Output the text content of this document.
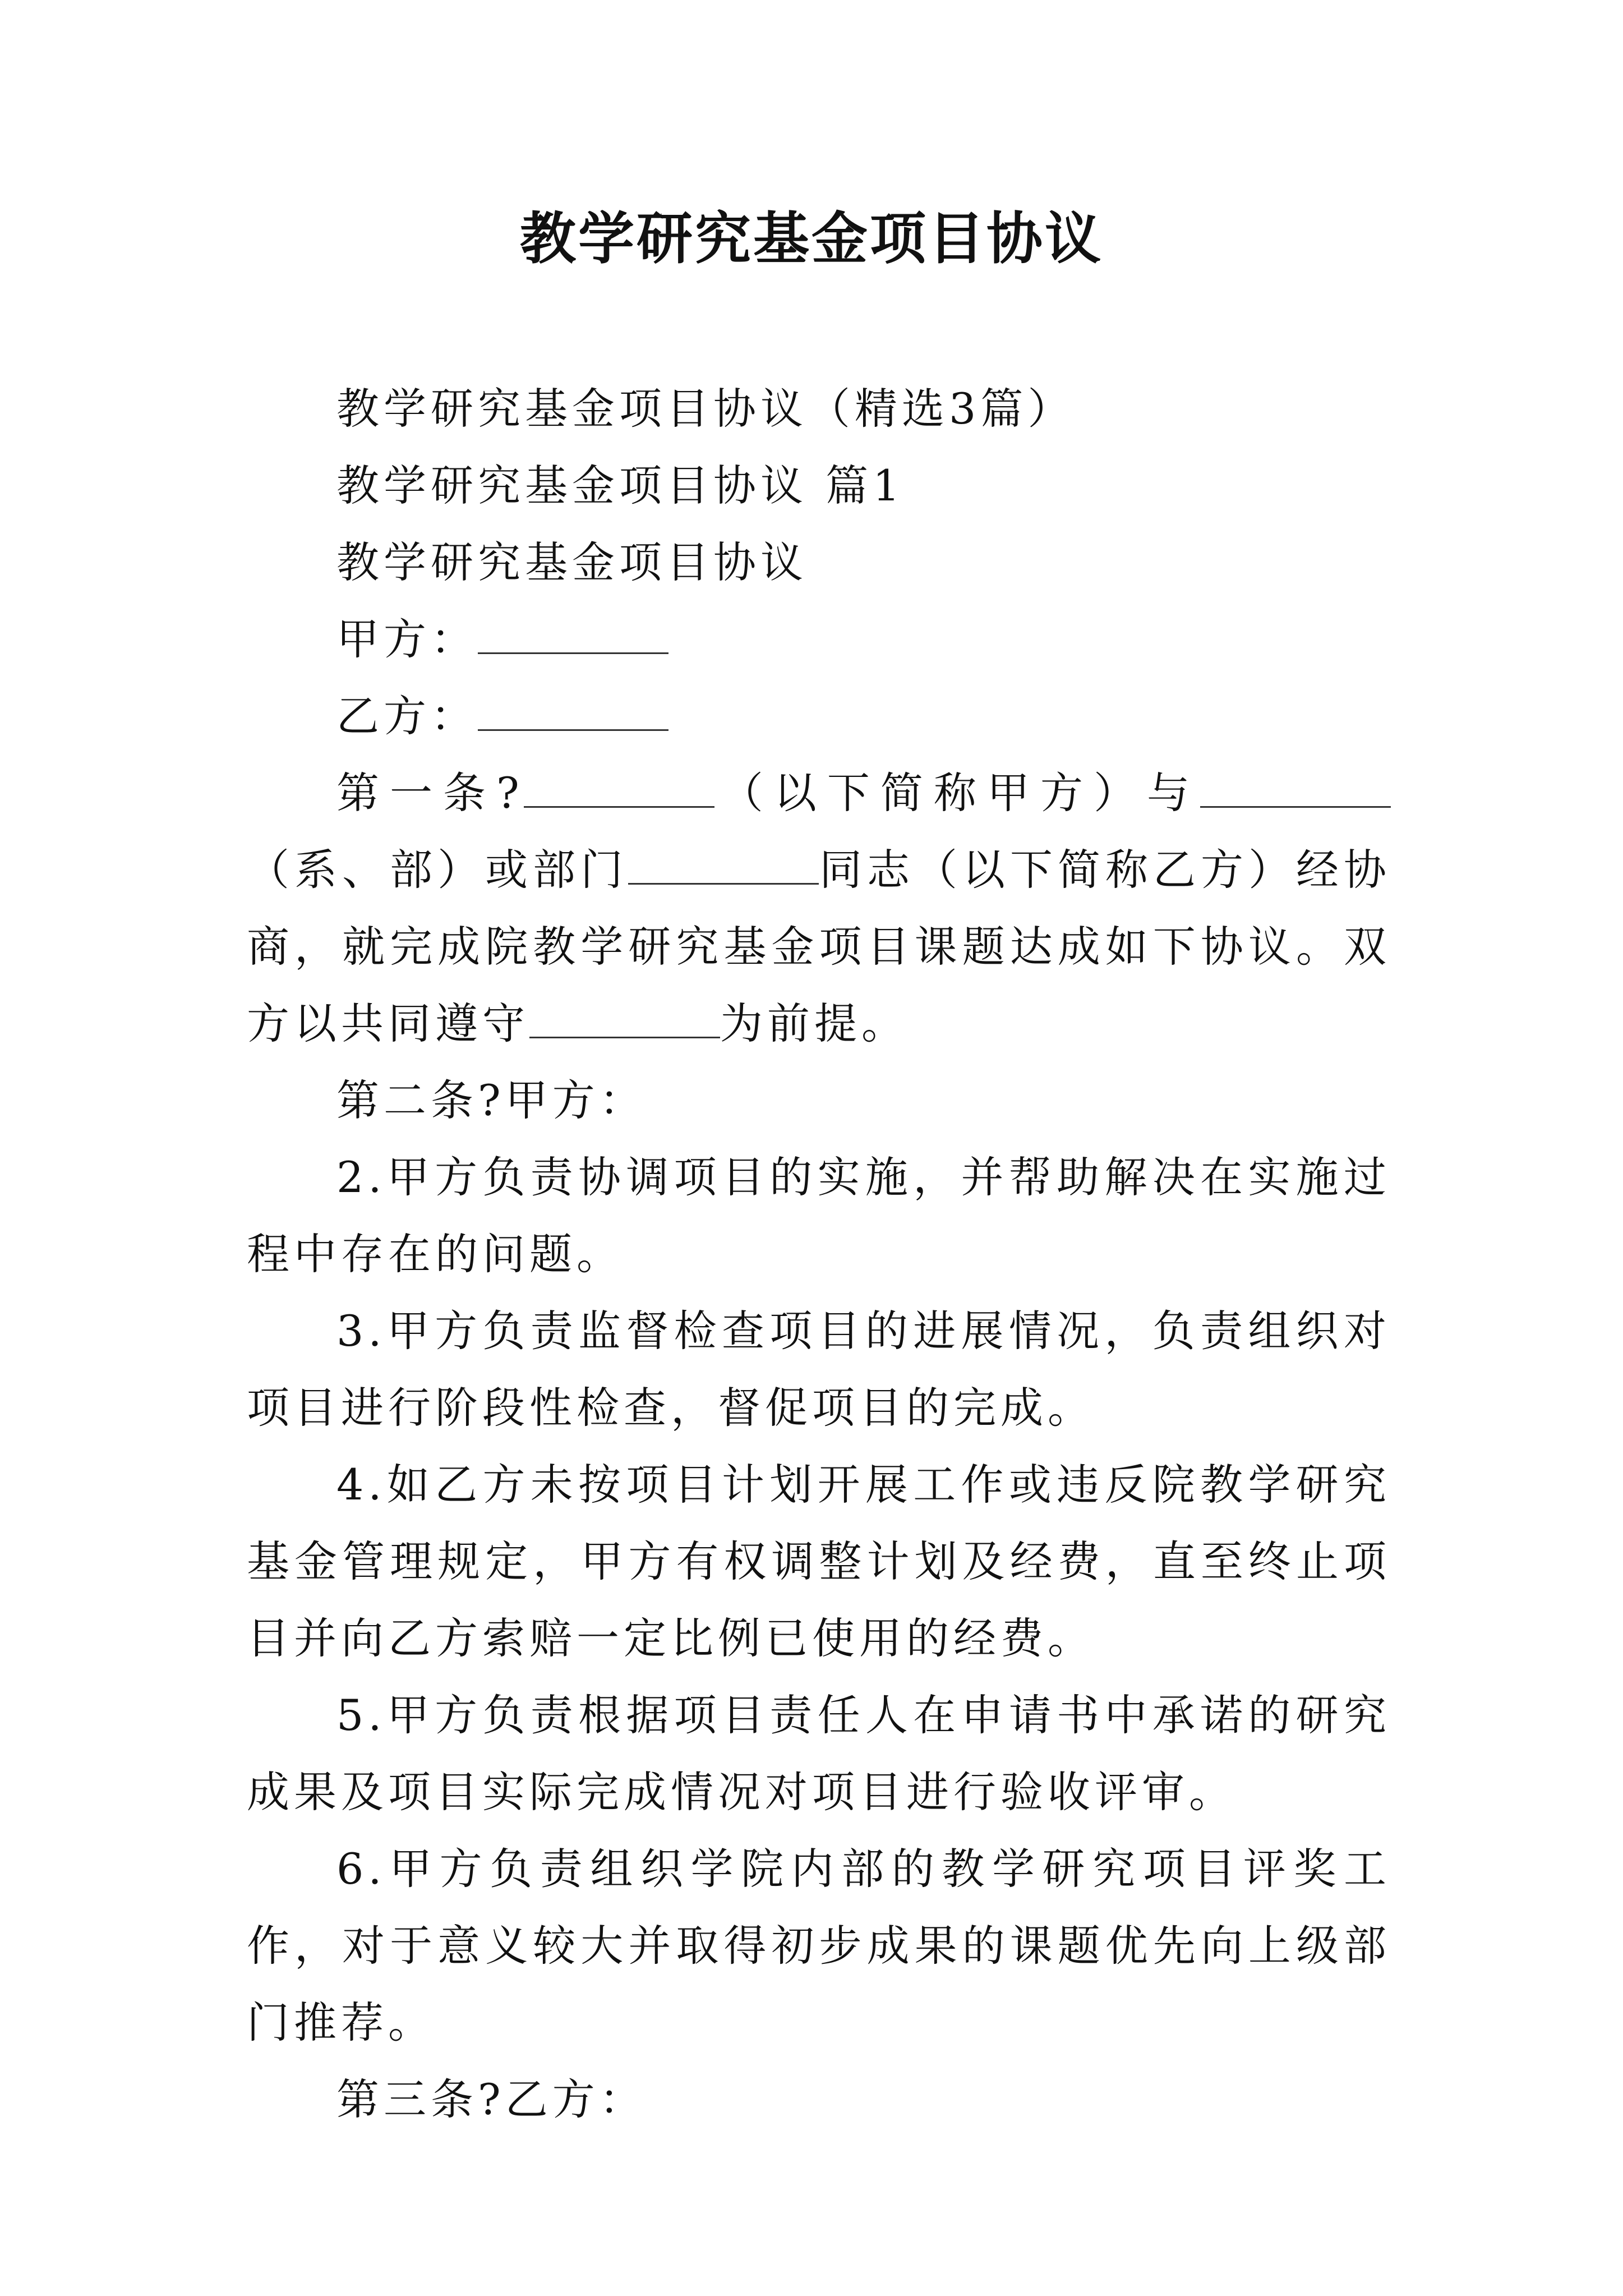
教学研究基金项目协议

教学研究基金项目协议（精选3篇）

教学研究基金项目协议 篇1

教学研究基金项目协议

甲方：

乙方：

第一条?	（以下简称甲方）与（系、部）或部门	同志（以下简称乙方）经协商，就完成院教学研究基金项目课题达成如下协议。双方以共同遵守	为前提。

第二条?甲方：

2.甲方负责协调项目的实施，并帮助解决在实施过程中存在的问题。

3.甲方负责监督检查项目的进展情况，负责组织对项目进行阶段性检查，督促项目的完成。

4.如乙方未按项目计划开展工作或违反院教学研究基金管理规定，甲方有权调整计划及经费，直至终止项目并向乙方索赔一定比例已使用的经费。

5.甲方负责根据项目责任人在申请书中承诺的研究成果及项目实际完成情况对项目进行验收评审。

6.甲方负责组织学院内部的教学研究项目评奖工作，对于意义较大并取得初步成果的课题优先向上级部门推荐。

第三条?乙方：
